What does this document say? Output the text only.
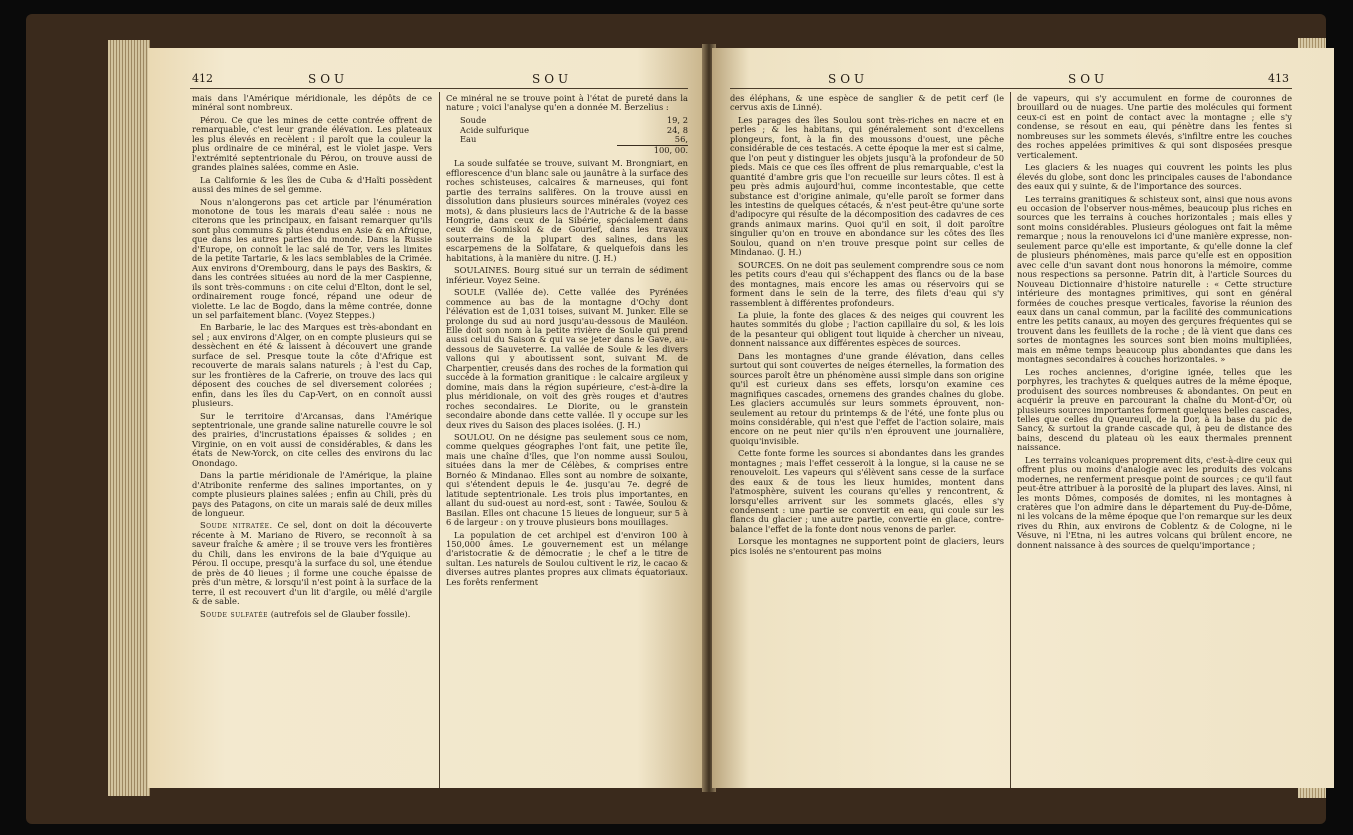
412	SOU	SOU

mais dans l'Amérique méridionale, les dépôts de ce minéral sont nombreux.

Pérou. Ce que les mines de cette contrée offrent de remarquable, c'est leur grande élévation. Les plateaux les plus élevés en recèlent : il paroît que la couleur la plus ordinaire de ce minéral, est le violet jaspe. Vers l'extrémité septentrionale du Pérou, on trouve aussi de grandes plaines salées, comme en Asie.

La Californie & les îles de Cuba & d'Haïti possèdent aussi des mines de sel gemme.

Nous n'alongerons pas cet article par l'énumération monotone de tous les marais d'eau salée : nous ne citerons que les principaux, en faisant remarquer qu'ils sont plus communs & plus étendus en Asie & en Afrique, que dans les autres parties du monde. Dans la Russie d'Europe, on connoît le lac salé de Tor, vers les limites de la petite Tartarie, & les lacs semblables de la Crimée. Aux environs d'Orembourg, dans le pays des Baskirs, & dans les contrées situées au nord de la mer Caspienne, ils sont très-communs : on cite celui d'Elton, dont le sel, ordinairement rouge foncé, répand une odeur de violette. Le lac de Bogdo, dans la même contrée, donne un sel parfaitement blanc. (Voyez Steppes.)

En Barbarie, le lac des Marques est très-abondant en sel ; aux environs d'Alger, on en compte plusieurs qui se dessèchent en été & laissent à découvert une grande surface de sel. Presque toute la côte d'Afrique est recouverte de marais salans naturels ; à l'est du Cap, sur les frontières de la Cafrerie, on trouve des lacs qui déposent des couches de sel diversement colorées ; enfin, dans les îles du Cap-Vert, on en connoît aussi plusieurs.

Sur le territoire d'Arcansas, dans l'Amérique septentrionale, une grande saline naturelle couvre le sol des prairies, d'incrustations épaisses & solides ; en Virginie, on en voit aussi de considérables, & dans les états de New-Yorck, on cite celles des environs du lac Onondago.

Dans la partie méridionale de l'Amérique, la plaine d'Atribonite renferme des salines importantes, on y compte plusieurs plaines salées ; enfin au Chili, près du pays des Patagons, on cite un marais salé de deux milles de longueur.

Soude nitratée. Ce sel, dont on doit la découverte récente à M. Mariano de Rivero, se reconnoît à sa saveur fraîche & amère ; il se trouve vers les frontières du Chili, dans les environs de la baie d'Yquique au Pérou. Il occupe, presqu'à la surface du sol, une étendue de près de 40 lieues ; il forme une couche épaisse de près d'un mètre, & lorsqu'il n'est point à la surface de la terre, il est recouvert d'un lit d'argile, ou mêlé d'argile & de sable.

Soude sulfatée (autrefois sel de Glauber fossile).

Ce minéral ne se trouve point à l'état de pureté dans la nature ; voici l'analyse qu'en a donnée M. Berzelius :

Soude	19, 2
Acide sulfurique	24, 8
Eau	56,
	100, 00.

La soude sulfatée se trouve, suivant M. Brongniart, en efflorescence d'un blanc sale ou jaunâtre à la surface des roches schisteuses, calcaires & marneuses, qui font partie des terrains salifères. On la trouve aussi en dissolution dans plusieurs sources minérales (voyez ces mots), & dans plusieurs lacs de l'Autriche & de la basse Hongrie, dans ceux de la Sibérie, spécialement dans ceux de Gomiskoi & de Gourief, dans les travaux souterrains de la plupart des salines, dans les escarpemens de la Solfatare, & quelquefois dans les habitations, à la manière du nitre. (J. H.)

SOULAINES. Bourg situé sur un terrain de sédiment inférieur. Voyez Seine.

SOULE (Vallée de). Cette vallée des Pyrénées commence au bas de la montagne d'Ochy dont l'élévation est de 1,031 toises, suivant M. Junker. Elle se prolonge du sud au nord jusqu'au-dessous de Mauléon. Elle doit son nom à la petite rivière de Soule qui prend aussi celui du Saison & qui va se jeter dans le Gave, au-dessous de Sauveterre. La vallée de Soule & les divers vallons qui y aboutissent sont, suivant M. de Charpentier, creusés dans des roches de la formation qui succède à la formation granitique : le calcaire argileux y domine, mais dans la région supérieure, c'est-à-dire la plus méridionale, on voit des grès rouges et d'autres roches secondaires. Le Diorite, ou le granstein secondaire abonde dans cette vallée. Il y occupe sur les deux rives du Saison des places isolées. (J. H.)

SOULOU. On ne désigne pas seulement sous ce nom, comme quelques géographes l'ont fait, une petite île, mais une chaîne d'îles, que l'on nomme aussi Soulou, situées dans la mer de Célèbes, & comprises entre Bornéo & Mindanao. Elles sont au nombre de soixante, qui s'étendent depuis le 4e. jusqu'au 7e. degré de latitude septentrionale. Les trois plus importantes, en allant du sud-ouest au nord-est, sont : Tawée, Soulou & Basilan. Elles ont chacune 15 lieues de longueur, sur 5 à 6 de largeur : on y trouve plusieurs bons mouillages.

La population de cet archipel est d'environ 100 à 150,000 âmes. Le gouvernement est un mélange d'aristocratie & de démocratie ; le chef a le titre de sultan. Les naturels de Soulou cultivent le riz, le cacao & diverses autres plantes propres aux climats équatoriaux. Les forêts renferment

SOU	SOU	413

des éléphans, & une espèce de sanglier & de petit cerf (le cervus axis de Linné).

Les parages des îles Soulou sont très-riches en nacre et en perles ; & les habitans, qui généralement sont d'excellens plongeurs, font, à la fin des moussons d'ouest, une pêche considérable de ces testacés. A cette époque la mer est si calme, que l'on peut y distinguer les objets jusqu'à la profondeur de 50 pieds. Mais ce que ces îles offrent de plus remarquable, c'est la quantité d'ambre gris que l'on recueille sur leurs côtes. Il est à peu près admis aujourd'hui, comme incontestable, que cette substance est d'origine animale, qu'elle paroît se former dans les intestins de quelques cétacés, & n'est peut-être qu'une sorte d'adipocyre qui résulte de la décomposition des cadavres de ces grands animaux marins. Quoi qu'il en soit, il doit paroître singulier qu'on en trouve en abondance sur les côtes des îles Soulou, quand on n'en trouve presque point sur celles de Mindanao. (J. H.)

SOURCES. On ne doit pas seulement comprendre sous ce nom les petits cours d'eau qui s'échappent des flancs ou de la base des montagnes, mais encore les amas ou réservoirs qui se forment dans le sein de la terre, des filets d'eau qui s'y rassemblent à différentes profondeurs.

La pluie, la fonte des glaces & des neiges qui couvrent les hautes sommités du globe ; l'action capillaire du sol, & les lois de la pesanteur qui obligent tout liquide à chercher un niveau, donnent naissance aux différentes espèces de sources.

Dans les montagnes d'une grande élévation, dans celles surtout qui sont couvertes de neiges éternelles, la formation des sources paroît être un phénomène aussi simple dans son origine qu'il est curieux dans ses effets, lorsqu'on examine ces magnifiques cascades, ornemens des grandes chaînes du globe. Les glaciers accumulés sur leurs sommets éprouvent, non-seulement au retour du printemps & de l'été, une fonte plus ou moins considérable, qui n'est que l'effet de l'action solaire, mais encore on ne peut nier qu'ils n'en éprouvent une journalière, quoiqu'invisible.

Cette fonte forme les sources si abondantes dans les grandes montagnes ; mais l'effet cesseroit à la longue, si la cause ne se renouveloit. Les vapeurs qui s'élèvent sans cesse de la surface des eaux & de tous les lieux humides, montent dans l'atmosphère, suivent les courans qu'elles y rencontrent, & lorsqu'elles arrivent sur les sommets glacés, elles s'y condensent : une partie se convertit en eau, qui coule sur les flancs du glacier ; une autre partie, convertie en glace, contre-balance l'effet de la fonte dont nous venons de parler.

Lorsque les montagnes ne supportent point de glaciers, leurs pics isolés ne s'entourent pas moins

de vapeurs, qui s'y accumulent en forme de couronnes de brouillard ou de nuages. Une partie des molécules qui forment ceux-ci est en point de contact avec la montagne ; elle s'y condense, se résout en eau, qui pénètre dans les fentes si nombreuses sur les sommets élevés, s'infiltre entre les couches des roches appelées primitives & qui sont disposées presque verticalement.

Les glaciers & les nuages qui couvrent les points les plus élevés du globe, sont donc les principales causes de l'abondance des eaux qui y suinte, & de l'importance des sources.

Les terrains granitiques & schisteux sont, ainsi que nous avons eu occasion de l'observer nous-mêmes, beaucoup plus riches en sources que les terrains à couches horizontales ; mais elles y sont moins considérables. Plusieurs géologues ont fait la même remarque ; nous la renouvelons ici d'une manière expresse, non-seulement parce qu'elle est importante, & qu'elle donne la clef de plusieurs phénomènes, mais parce qu'elle est en opposition avec celle d'un savant dont nous honorons la mémoire, comme nous respections sa personne. Patrin dit, à l'article Sources du Nouveau Dictionnaire d'histoire naturelle : « Cette structure intérieure des montagnes primitives, qui sont en général formées de couches presque verticales, favorise la réunion des eaux dans un canal commun, par la facilité des communications entre les petits canaux, au moyen des gerçures fréquentes qui se trouvent dans les feuillets de la roche ; de là vient que dans ces sortes de montagnes les sources sont bien moins multipliées, mais en même temps beaucoup plus abondantes que dans les montagnes secondaires à couches horizontales. »

Les roches anciennes, d'origine ignée, telles que les porphyres, les trachytes & quelques autres de la même époque, produisent des sources nombreuses & abondantes. On peut en acquérir la preuve en parcourant la chaîne du Mont-d'Or, où plusieurs sources importantes forment quelques belles cascades, telles que celles du Queureuil, de la Dor, à la base du pic de Sancy, & surtout la grande cascade qui, à peu de distance des bains, descend du plateau où les eaux thermales prennent naissance.

Les terrains volcaniques proprement dits, c'est-à-dire ceux qui offrent plus ou moins d'analogie avec les produits des volcans modernes, ne renferment presque point de sources ; ce qu'il faut peut-être attribuer à la porosité de la plupart des laves. Ainsi, ni les monts Dômes, composés de domites, ni les montagnes à cratères que l'on admire dans le département du Puy-de-Dôme, ni les volcans de la même époque que l'on remarque sur les deux rives du Rhin, aux environs de Coblentz & de Cologne, ni le Vésuve, ni l'Etna, ni les autres volcans qui brûlent encore, ne donnent naissance à des sources de quelqu'importance ;
